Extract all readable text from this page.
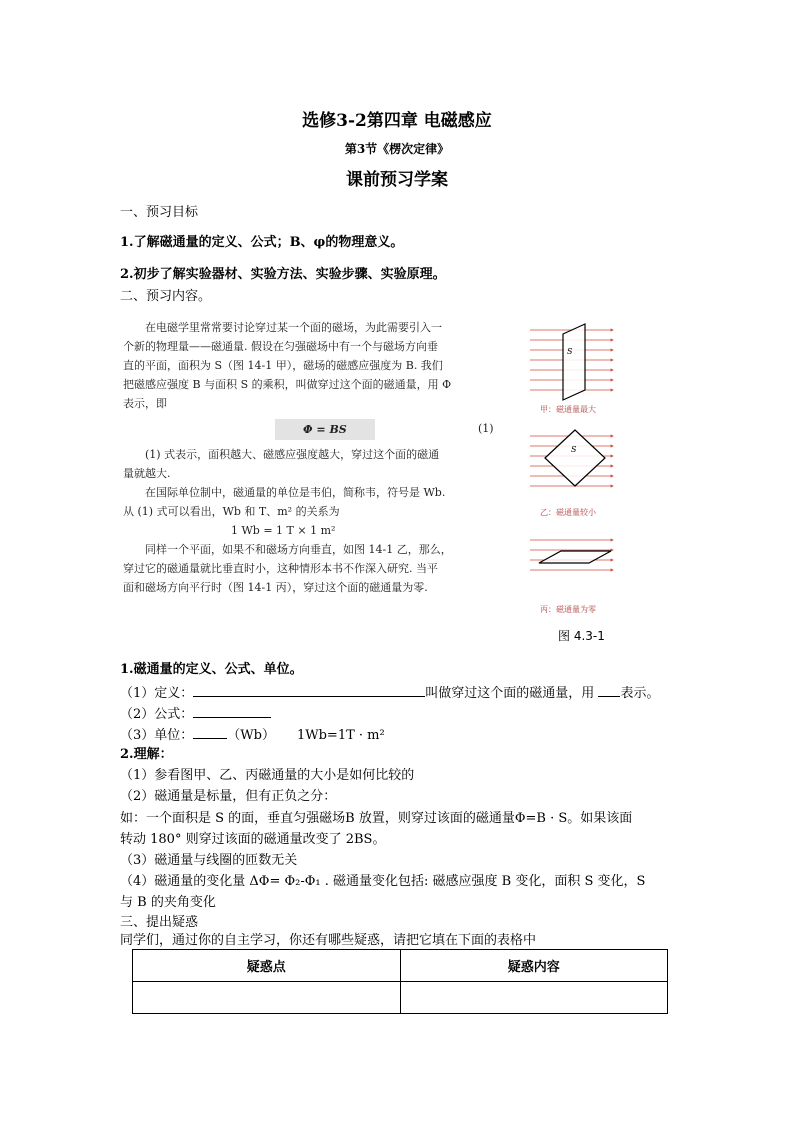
选修3-2第四章 电磁感应
第3节《楞次定律》
课前预习学案
一、预习目标
1.了解磁通量的定义、公式；B、φ的物理意义。
2.初步了解实验器材、实验方法、实验步骤、实验原理。
二、预习内容。

在电磁学里常常要讨论穿过某一个面的磁场，为此需要引入一

个新的物理量——磁通量. 假设在匀强磁场中有一个与磁场方向垂

直的平面，面积为 S（图 14-1 甲），磁场的磁感应强度为 B. 我们

把磁感应强度 B 与面积 S 的乘积，叫做穿过这个面的磁通量，用 Φ

表示，即

Φ = BS	(1)

(1) 式表示，面积越大、磁感应强度越大，穿过这个面的磁通

量就越大.

在国际单位制中，磁通量的单位是韦伯，简称韦，符号是 Wb.

从 (1) 式可以看出，Wb 和 T、m² 的关系为

1 Wb = 1 T × 1 m²

同样一个平面，如果不和磁场方向垂直，如图 14-1 乙，那么，

穿过它的磁通量就比垂直时小，这种情形本书不作深入研究. 当平

面和磁场方向平行时（图 14-1 丙），穿过这个面的磁通量为零.

S
S
甲：磁通量最大
乙：磁通量较小
丙：磁通量为零
图 4.3-1
1.磁通量的定义、公式、单位。
（1）定义：	叫做穿过这个面的磁通量，用 表示。
（2）公式：
（3）单位：	（Wb） 1Wb=1T · m²
2.理解：
（1）参看图甲、乙、丙磁通量的大小是如何比较的
（2）磁通量是标量，但有正负之分：
如：一个面积是 S 的面，垂直匀强磁场B 放置，则穿过该面的磁通量Φ=B · S。如果该面
转动 180° 则穿过该面的磁通量改变了 2BS。
（3）磁通量与线圈的匝数无关
（4）磁通量的变化量 ΔΦ= Φ₂-Φ₁ . 磁通量变化包括: 磁感应强度 B 变化，面积 S 变化，S
与 B 的夹角变化
三、提出疑惑
同学们，通过你的自主学习，你还有哪些疑惑，请把它填在下面的表格中
疑惑点	疑惑内容
